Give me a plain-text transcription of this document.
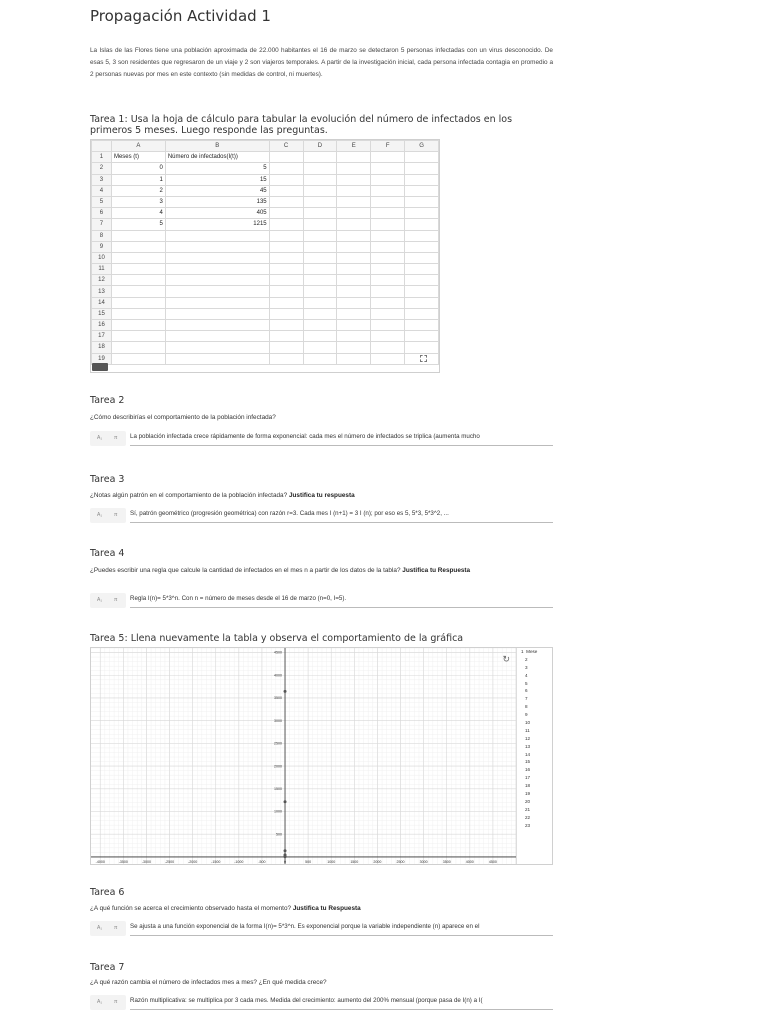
Propagación Actividad 1
La Islas de las Flores tiene una población aproximada de 22.000 habitantes el 16 de marzo se detectaron 5 personas infectadas con un virus desconocido. De esas 5, 3 son residentes que regresaron de un viaje y 2 son viajeros temporales. A partir de la investigación inicial, cada persona infectada contagia en promedio a 2 personas nuevas por mes en este contexto (sin medidas de control, ni muertes).
Tarea 1: Usa la hoja de cálculo para tabular la evolución del número de infectados en los primeros 5 meses. Luego responde las preguntas.
	A	B	C	D	E	F	G
1	Meses (t)	Número de infectados(I(t))					
2	0	5					
3	1	15					
4	2	45					
5	3	135					
6	4	405					
7	5	1215					
8							
9							
10							
11							
12							
13							
14							
15							
16							
17							
18							
19							
Tarea 2
¿Cómo describirías el comportamiento de la población infectada?
A₁ π La población infectada crece rápidamente de forma exponencial: cada mes el número de infectados se triplica (aumenta mucho
Tarea 3
¿Notas algún patrón en el comportamiento de la población infectada? Justifica tu respuesta
A₁ π Sí, patrón geométrico (progresión geométrica) con razón r=3. Cada mes I (n+1) = 3 I (n); por eso es 5, 5*3, 5*3^2, ...
Tarea 4
¿Puedes escribir una regla que calcule la cantidad de infectados en el mes n a partir de los datos de la tabla? Justifica tu Respuesta
A₁ π Regla I(n)= 5*3^n. Con n = número de meses desde el 16 de marzo (n=0, I=5).
Tarea 5: Llena nuevamente la tabla y observa el comportamiento de la gráfica
-4000	-3500	-3000	-2500	-2000	-1500	-1000	-500	0	500	1000	1500	2000	2500	3000	3500	4000	4500
500
1000
1500
2000
2500
3000
3500
4000
4500
↻
1 Mese
2
3
4
5
6
7
8
9
10
11
12
13
14
15
16
17
18
19
20
21
22
23
Tarea 6
¿A qué función se acerca el crecimiento observado hasta el momento? Justifica tu Respuesta
A₁ π Se ajusta a una función exponencial de la forma I(n)= 5*3^n. Es exponencial porque la variable independiente (n) aparece en el
Tarea 7
¿A qué razón cambia el número de infectados mes a mes? ¿En qué medida crece?
A₁ π Razón multiplicativa: se multiplica por 3 cada mes. Medida del crecimiento: aumento del 200% mensual (porque pasa de I(n) a I(
